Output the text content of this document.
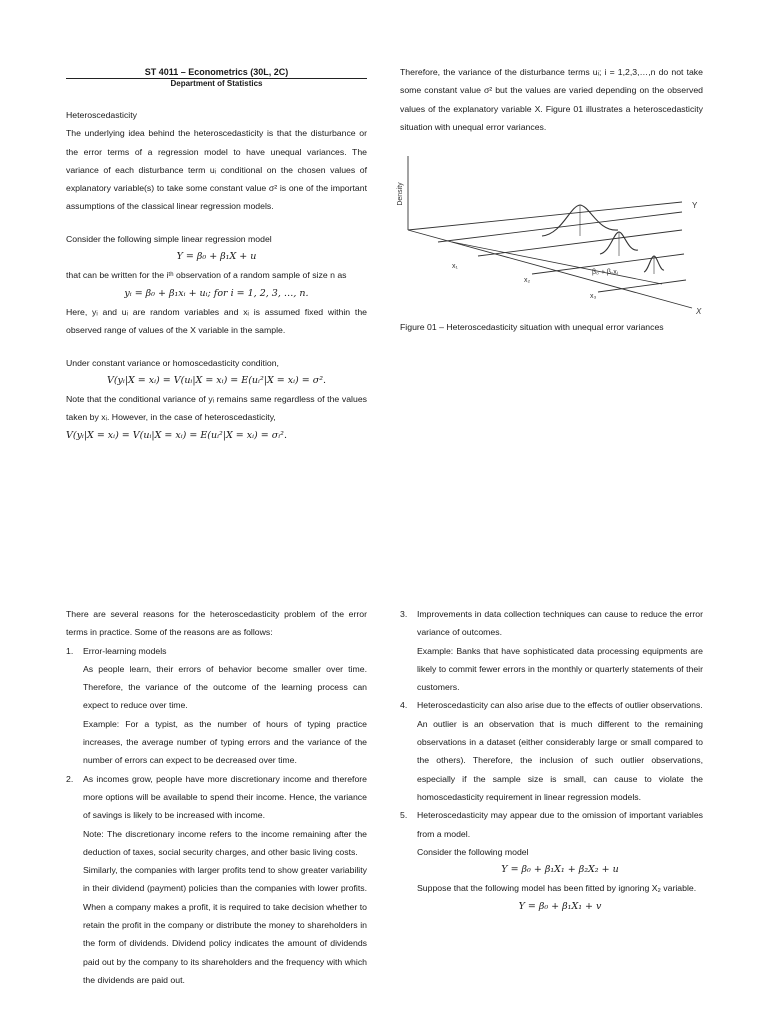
ST 4011 – Econometrics (30L, 2C)
Department of Statistics
Heteroscedasticity
The underlying idea behind the heteroscedasticity is that the disturbance or the error terms of a regression model to have unequal variances. The variance of each disturbance term uᵢ conditional on the chosen values of explanatory variable(s) to take some constant value σ² is one of the important assumptions of the classical linear regression models.
Consider the following simple linear regression model
Y = β₀ + β₁X + u
that can be written for the iᵗʰ observation of a random sample of size n as
yᵢ = β₀ + β₁xᵢ + uᵢ; for i = 1, 2, 3, …, n.
Here, yᵢ and uᵢ are random variables and xᵢ is assumed fixed within the observed range of values of the X variable in the sample.
Under constant variance or homoscedasticity condition,
V(yᵢ|X = xᵢ) = V(uᵢ|X = xᵢ) = E(uᵢ²|X = xᵢ) = σ².
Note that the conditional variance of yᵢ remains same regardless of the values taken by xᵢ. However, in the case of heteroscedasticity,
V(yᵢ|X = xᵢ) = V(uᵢ|X = xᵢ) = E(uᵢ²|X = xᵢ) = σᵢ².
Therefore, the variance of the disturbance terms uᵢ; i = 1,2,3,…,n do not take some constant value σ² but the values are varied depending on the observed values of the explanatory variable X. Figure 01 illustrates a heteroscedasticity situation with unequal error variances.
Density	Y
X
x₁
x₂
x₃
β₀ + β₁xᵢ
Figure 01 – Heteroscedasticity situation with unequal error variances
There are several reasons for the heteroscedasticity problem of the error terms in practice. Some of the reasons are as follows:
1. Error-learning models
As people learn, their errors of behavior become smaller over time. Therefore, the variance of the outcome of the learning process can expect to reduce over time.
Example: For a typist, as the number of hours of typing practice increases, the average number of typing errors and the variance of the number of errors can expect to be decreased over time.
2. As incomes grow, people have more discretionary income and therefore more options will be available to spend their income. Hence, the variance of savings is likely to be increased with income.
Note: The discretionary income refers to the income remaining after the deduction of taxes, social security charges, and other basic living costs.
Similarly, the companies with larger profits tend to show greater variability in their dividend (payment) policies than the companies with lower profits. When a company makes a profit, it is required to take decision whether to retain the profit in the company or distribute the money to shareholders in the form of dividends. Dividend policy indicates the amount of dividends paid out by the company to its shareholders and the frequency with which the dividends are paid out.
3. Improvements in data collection techniques can cause to reduce the error variance of outcomes.
Example: Banks that have sophisticated data processing equipments are likely to commit fewer errors in the monthly or quarterly statements of their customers.
4. Heteroscedasticity can also arise due to the effects of outlier observations.
An outlier is an observation that is much different to the remaining observations in a dataset (either considerably large or small compared to the others). Therefore, the inclusion of such outlier observations, especially if the sample size is small, can cause to violate the homoscedasticity requirement in linear regression models.
5. Heteroscedasticity may appear due to the omission of important variables from a model.
Consider the following model
Y = β₀ + β₁X₁ + β₂X₂ + u
Suppose that the following model has been fitted by ignoring X₂ variable.
Y = β₀ + β₁X₁ + v
